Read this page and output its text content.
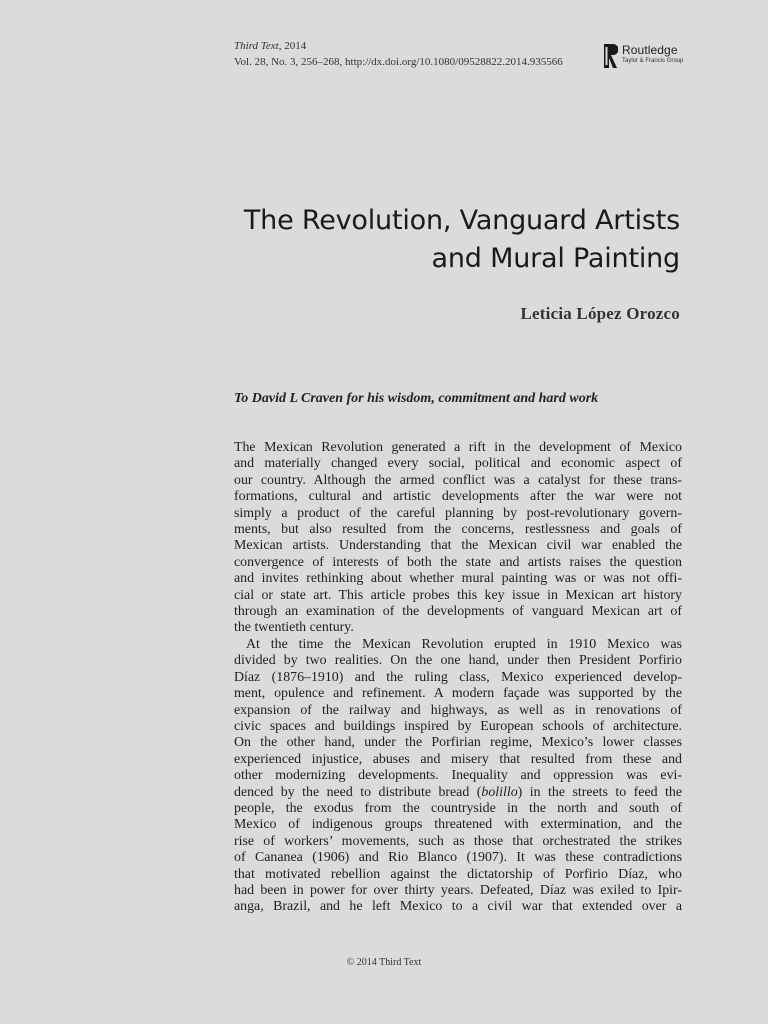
Third Text, 2014
Vol. 28, No. 3, 256–268, http://dx.doi.org/10.1080/09528822.2014.935566
Routledge
Taylor & Francis Group
The Revolution, Vanguard Artists
and Mural Painting
Leticia López Orozco
To David L Craven for his wisdom, commitment and hard work
The Mexican Revolution generated a rift in the development of Mexico
and materially changed every social, political and economic aspect of
our country. Although the armed conflict was a catalyst for these trans-
formations, cultural and artistic developments after the war were not
simply a product of the careful planning by post-revolutionary govern-
ments, but also resulted from the concerns, restlessness and goals of
Mexican artists. Understanding that the Mexican civil war enabled the
convergence of interests of both the state and artists raises the question
and invites rethinking about whether mural painting was or was not offi-
cial or state art. This article probes this key issue in Mexican art history
through an examination of the developments of vanguard Mexican art of
the twentieth century.
At the time the Mexican Revolution erupted in 1910 Mexico was
divided by two realities. On the one hand, under then President Porfirio
Díaz (1876–1910) and the ruling class, Mexico experienced develop-
ment, opulence and refinement. A modern façade was supported by the
expansion of the railway and highways, as well as in renovations of
civic spaces and buildings inspired by European schools of architecture.
On the other hand, under the Porfirian regime, Mexico’s lower classes
experienced injustice, abuses and misery that resulted from these and
other modernizing developments. Inequality and oppression was evi-
denced by the need to distribute bread (bolillo) in the streets to feed the
people, the exodus from the countryside in the north and south of
Mexico of indigenous groups threatened with extermination, and the
rise of workers’ movements, such as those that orchestrated the strikes
of Cananea (1906) and Rio Blanco (1907). It was these contradictions
that motivated rebellion against the dictatorship of Porfirio Díaz, who
had been in power for over thirty years. Defeated, Díaz was exiled to Ipir-
anga, Brazil, and he left Mexico to a civil war that extended over a
© 2014 Third Text
